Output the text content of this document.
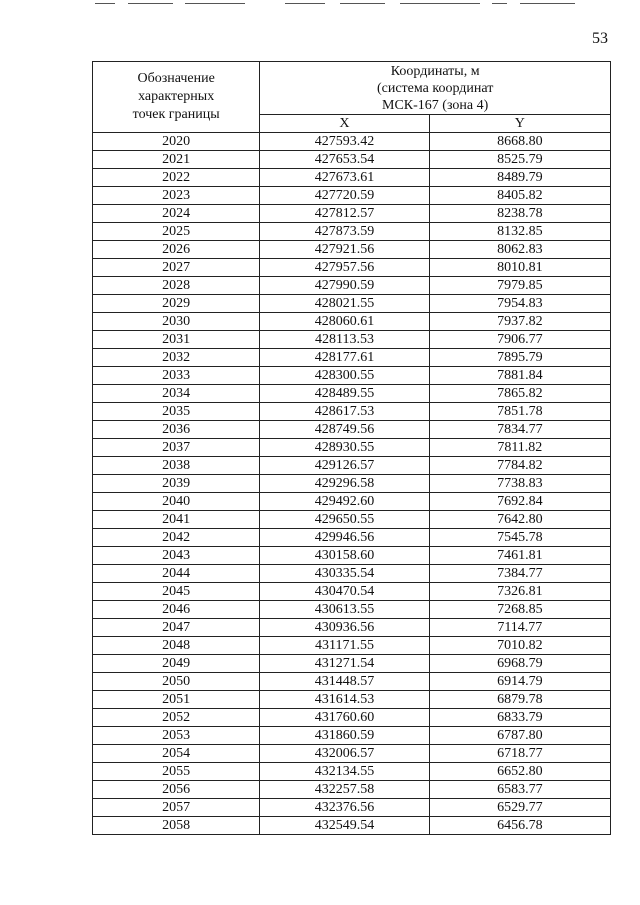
53
Обозначение
характерных
точек границы	Координаты, м
(система координат
МСК-167 (зона 4)	
	X	Y
2020	427593.42	8668.80
2021	427653.54	8525.79
2022	427673.61	8489.79
2023	427720.59	8405.82
2024	427812.57	8238.78
2025	427873.59	8132.85
2026	427921.56	8062.83
2027	427957.56	8010.81
2028	427990.59	7979.85
2029	428021.55	7954.83
2030	428060.61	7937.82
2031	428113.53	7906.77
2032	428177.61	7895.79
2033	428300.55	7881.84
2034	428489.55	7865.82
2035	428617.53	7851.78
2036	428749.56	7834.77
2037	428930.55	7811.82
2038	429126.57	7784.82
2039	429296.58	7738.83
2040	429492.60	7692.84
2041	429650.55	7642.80
2042	429946.56	7545.78
2043	430158.60	7461.81
2044	430335.54	7384.77
2045	430470.54	7326.81
2046	430613.55	7268.85
2047	430936.56	7114.77
2048	431171.55	7010.82
2049	431271.54	6968.79
2050	431448.57	6914.79
2051	431614.53	6879.78
2052	431760.60	6833.79
2053	431860.59	6787.80
2054	432006.57	6718.77
2055	432134.55	6652.80
2056	432257.58	6583.77
2057	432376.56	6529.77
2058	432549.54	6456.78
